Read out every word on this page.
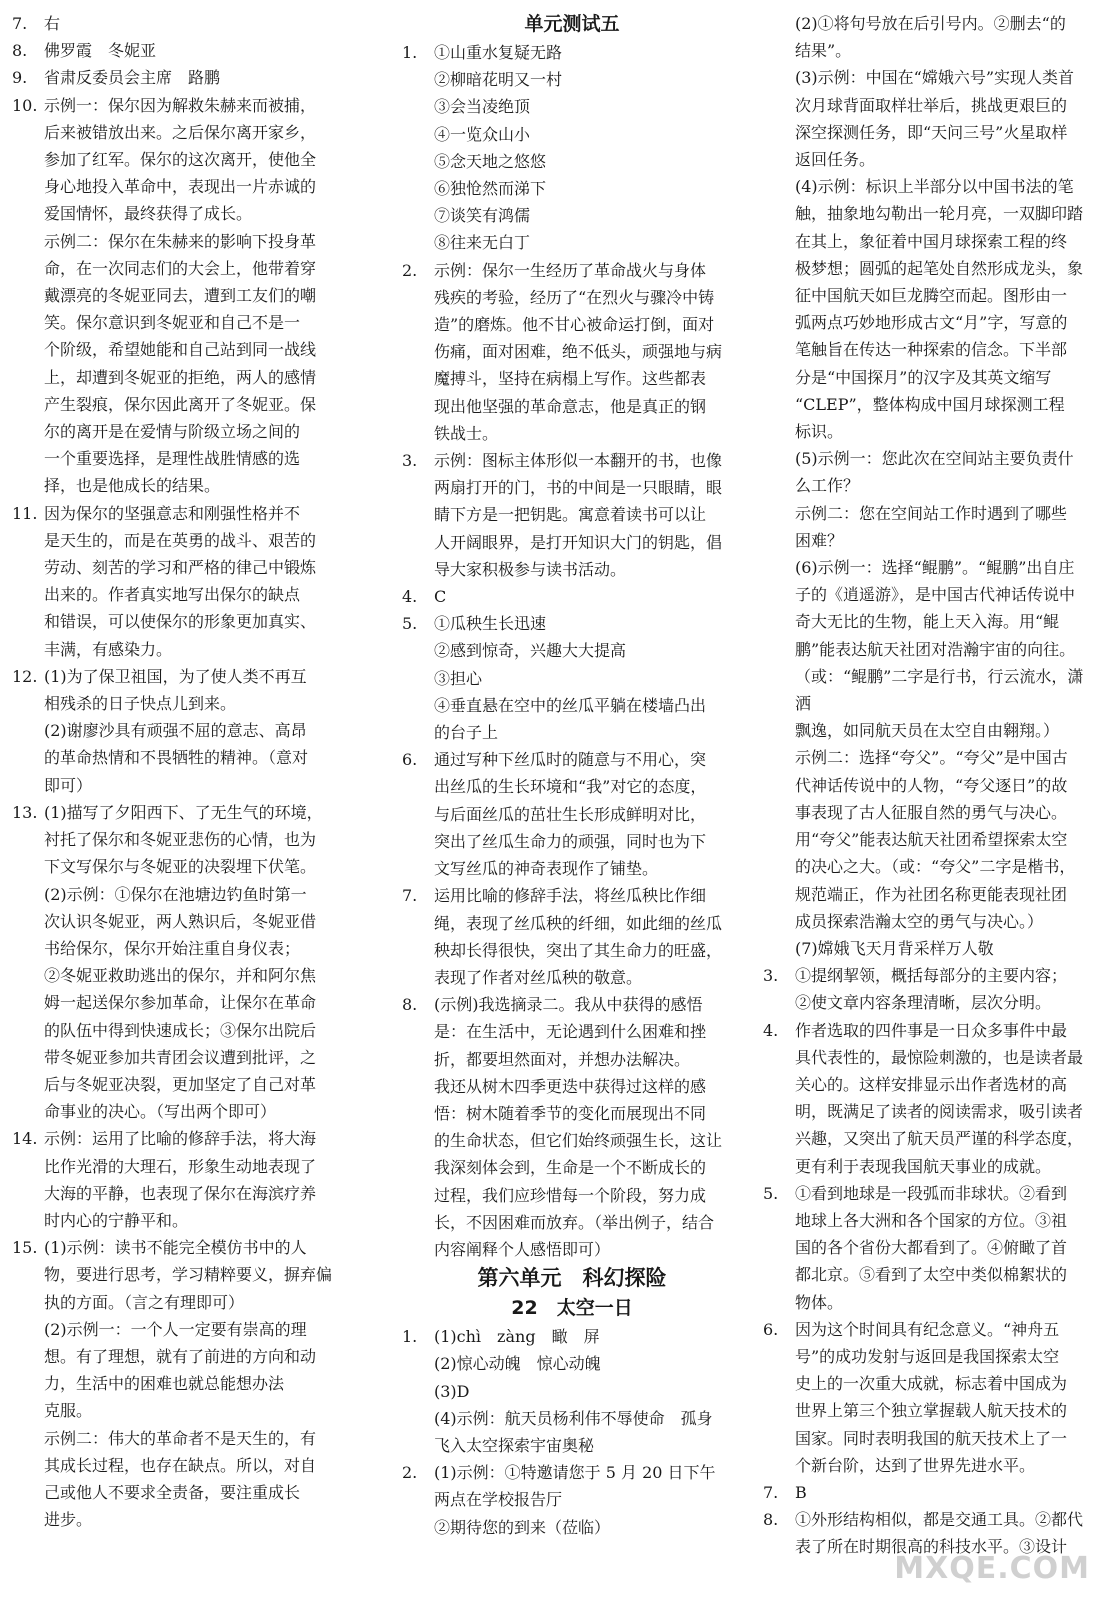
7.	右

8.	佛罗霞　冬妮亚

9.	省肃反委员会主席　路鹏

10. 示例一：保尔因为解救朱赫来而被捕，

后来被错放出来。之后保尔离开家乡，

参加了红军。保尔的这次离开，使他全

身心地投入革命中，表现出一片赤诚的

爱国情怀，最终获得了成长。

示例二：保尔在朱赫来的影响下投身革

命，在一次同志们的大会上，他带着穿

戴漂亮的冬妮亚同去，遭到工友们的嘲

笑。保尔意识到冬妮亚和自己不是一

个阶级，希望她能和自己站到同一战线

上，却遭到冬妮亚的拒绝，两人的感情

产生裂痕，保尔因此离开了冬妮亚。保

尔的离开是在爱情与阶级立场之间的

一个重要选择，是理性战胜情感的选

择，也是他成长的结果。

11. 因为保尔的坚强意志和刚强性格并不

是天生的，而是在英勇的战斗、艰苦的

劳动、刻苦的学习和严格的律己中锻炼

出来的。作者真实地写出保尔的缺点

和错误，可以使保尔的形象更加真实、

丰满，有感染力。

12. (1)为了保卫祖国，为了使人类不再互

相残杀的日子快点儿到来。

(2)谢廖沙具有顽强不屈的意志、高昂

的革命热情和不畏牺牲的精神。（意对

即可）

13. (1)描写了夕阳西下、了无生气的环境，

衬托了保尔和冬妮亚悲伤的心情，也为

下文写保尔与冬妮亚的决裂埋下伏笔。

(2)示例：①保尔在池塘边钓鱼时第一

次认识冬妮亚，两人熟识后，冬妮亚借

书给保尔，保尔开始注重自身仪表；

②冬妮亚救助逃出的保尔，并和阿尔焦

姆一起送保尔参加革命，让保尔在革命

的队伍中得到快速成长；③保尔出院后

带冬妮亚参加共青团会议遭到批评，之

后与冬妮亚决裂，更加坚定了自己对革

命事业的决心。（写出两个即可）

14. 示例：运用了比喻的修辞手法，将大海

比作光滑的大理石，形象生动地表现了

大海的平静，也表现了保尔在海滨疗养

时内心的宁静平和。

15. (1)示例：读书不能完全模仿书中的人

物，要进行思考，学习精粹要义，摒弃偏

执的方面。（言之有理即可）

(2)示例一：一个人一定要有崇高的理

想。有了理想，就有了前进的方向和动

力，生活中的困难也就总能想办法

克服。

示例二：伟大的革命者不是天生的，有

其成长过程，也存在缺点。所以，对自

己或他人不要求全责备，要注重成长

进步。

单元测试五
1.	①山重水复疑无路

②柳暗花明又一村

③会当凌绝顶

④一览众山小

⑤念天地之悠悠

⑥独怆然而涕下

⑦谈笑有鸿儒

⑧往来无白丁

2.	示例：保尔一生经历了革命战火与身体

残疾的考验，经历了“在烈火与骤冷中铸

造”的磨炼。他不甘心被命运打倒，面对

伤痛，面对困难，绝不低头，顽强地与病

魔搏斗，坚持在病榻上写作。这些都表

现出他坚强的革命意志，他是真正的钢

铁战士。

3.	示例：图标主体形似一本翻开的书，也像

两扇打开的门，书的中间是一只眼睛，眼

睛下方是一把钥匙。寓意着读书可以让

人开阔眼界，是打开知识大门的钥匙，倡

导大家积极参与读书活动。

4.	C

5.	①瓜秧生长迅速

②感到惊奇，兴趣大大提高

③担心

④垂直悬在空中的丝瓜平躺在楼墙凸出

的台子上

6.	通过写种下丝瓜时的随意与不用心，突

出丝瓜的生长环境和“我”对它的态度，

与后面丝瓜的茁壮生长形成鲜明对比，

突出了丝瓜生命力的顽强，同时也为下

文写丝瓜的神奇表现作了铺垫。

7.	运用比喻的修辞手法，将丝瓜秧比作细

绳，表现了丝瓜秧的纤细，如此细的丝瓜

秧却长得很快，突出了其生命力的旺盛，

表现了作者对丝瓜秧的敬意。

8.	(示例)我选摘录二。我从中获得的感悟

是：在生活中，无论遇到什么困难和挫

折，都要坦然面对，并想办法解决。

我还从树木四季更迭中获得过这样的感

悟：树木随着季节的变化而展现出不同

的生命状态，但它们始终顽强生长，这让

我深刻体会到，生命是一个不断成长的

过程，我们应珍惜每一个阶段，努力成

长，不因困难而放弃。（举出例子，结合

内容阐释个人感悟即可）

第六单元　科幻探险
22　太空一日
1.	(1)chì　zàng　瞰　屏

(2)惊心动魄　惊心动魄

(3)D

(4)示例：航天员杨利伟不辱使命　孤身

飞入太空探索宇宙奥秘

2.	(1)示例：①特邀请您于 5 月 20 日下午

两点在学校报告厅

②期待您的到来（莅临）

(2)①将句号放在后引号内。②删去“的

结果”。

(3)示例：中国在“嫦娥六号”实现人类首

次月球背面取样壮举后，挑战更艰巨的

深空探测任务，即“天问三号”火星取样

返回任务。

(4)示例：标识上半部分以中国书法的笔

触，抽象地勾勒出一轮月亮，一双脚印踏

在其上，象征着中国月球探索工程的终

极梦想；圆弧的起笔处自然形成龙头，象

征中国航天如巨龙腾空而起。图形由一

弧两点巧妙地形成古文“月”字，写意的

笔触旨在传达一种探索的信念。下半部

分是“中国探月”的汉字及其英文缩写

“CLEP”，整体构成中国月球探测工程

标识。

(5)示例一：您此次在空间站主要负责什

么工作？

示例二：您在空间站工作时遇到了哪些

困难？

(6)示例一：选择“鲲鹏”。“鲲鹏”出自庄

子的《逍遥游》，是中国古代神话传说中

奇大无比的生物，能上天入海。用“鲲

鹏”能表达航天社团对浩瀚宇宙的向往。

（或：“鲲鹏”二字是行书，行云流水，潇洒

飘逸，如同航天员在太空自由翱翔。）

示例二：选择“夸父”。“夸父”是中国古

代神话传说中的人物，“夸父逐日”的故

事表现了古人征服自然的勇气与决心。

用“夸父”能表达航天社团希望探索太空

的决心之大。（或：“夸父”二字是楷书，

规范端正，作为社团名称更能表现社团

成员探索浩瀚太空的勇气与决心。）

(7)嫦娥飞天月背采样万人敬

3.	①提纲挈领，概括每部分的主要内容；

②使文章内容条理清晰，层次分明。

4.	作者选取的四件事是一日众多事件中最

具代表性的，最惊险刺激的，也是读者最

关心的。这样安排显示出作者选材的高

明，既满足了读者的阅读需求，吸引读者

兴趣，又突出了航天员严谨的科学态度，

更有利于表现我国航天事业的成就。

5.	①看到地球是一段弧而非球状。②看到

地球上各大洲和各个国家的方位。③祖

国的各个省份大都看到了。④俯瞰了首

都北京。⑤看到了太空中类似棉絮状的

物体。

6.	因为这个时间具有纪念意义。“神舟五

号”的成功发射与返回是我国探索太空

史上的一次重大成就，标志着中国成为

世界上第三个独立掌握载人航天技术的

国家。同时表明我国的航天技术上了一

个新台阶，达到了世界先进水平。

7.	B

8.	①外形结构相似，都是交通工具。②都代

表了所在时期很高的科技水平。③设计

MXQE.COM
